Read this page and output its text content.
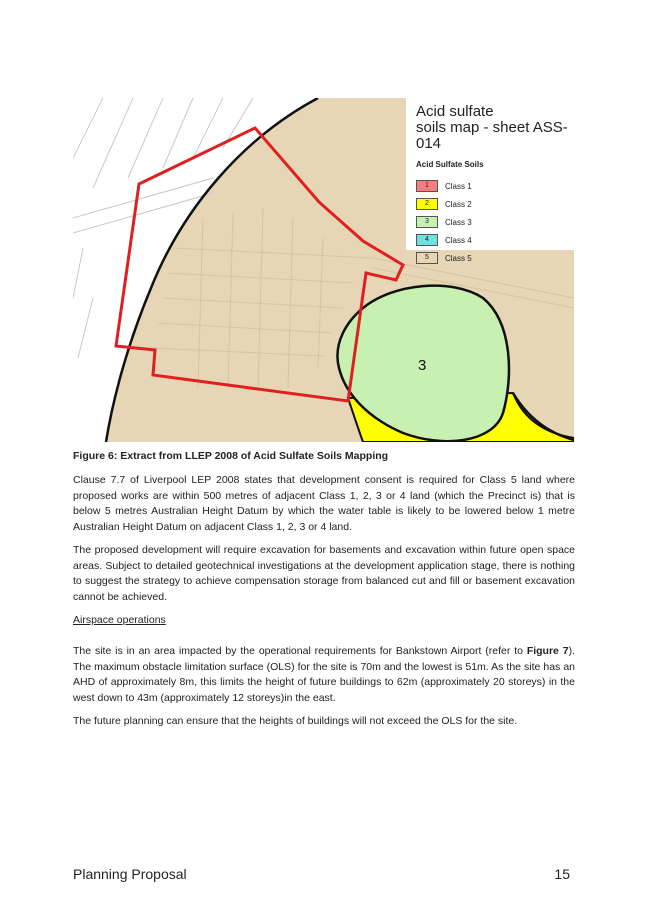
3
Acid sulfate
soils map - sheet ASS-014
Acid Sulfate Soils
1	Class 1
2	Class 2
3	Class 3
4	Class 4
5	Class 5
Figure 6: Extract from LLEP 2008 of Acid Sulfate Soils Mapping

Clause 7.7 of Liverpool LEP 2008 states that development consent is required for Class 5 land where proposed works are within 500 metres of adjacent Class 1, 2, 3 or 4 land (which the Precinct is) that is below 5 metres Australian Height Datum by which the water table is likely to be lowered below 1 metre Australian Height Datum on adjacent Class 1, 2, 3 or 4 land.

The proposed development will require excavation for basements and excavation within future open space areas. Subject to detailed geotechnical investigations at the development application stage, there is nothing to suggest the strategy to achieve compensation storage from balanced cut and fill or basement excavation cannot be achieved.

Airspace operations

The site is in an area impacted by the operational requirements for Bankstown Airport (refer to Figure 7). The maximum obstacle limitation surface (OLS) for the site is 70m and the lowest is 51m. As the site has an AHD of approximately 8m, this limits the height of future buildings to 62m (approximately 20 storeys) in the west down to 43m (approximately 12 storeys)in the east.

The future planning can ensure that the heights of buildings will not exceed the OLS for the site.

Planning Proposal	15
